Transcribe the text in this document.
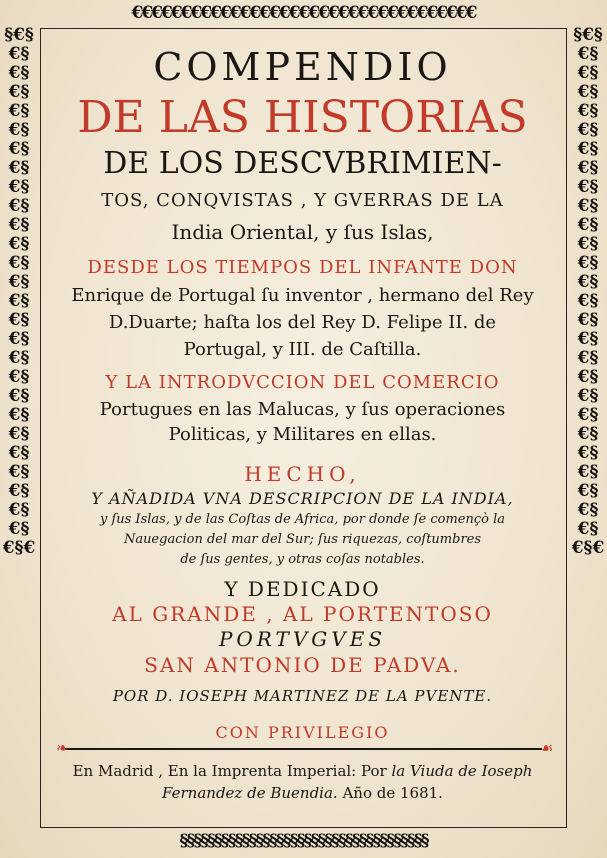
€€€€€€€€€€€€€€€€€€€€€€€€€€€€€€€€€€€
§§§§§§§§§§§§§§§§§§§§§§§§§§§§§§§§§§§§
§€§€§€§€§€§€§€§€§€§€§€§€§€§€§€§€§€§€§€§€§€§€§€§€§€§€§€§€§€
§€§€§€§€§€§€§€§€§€§€§€§€§€§€§€§€§€§€§€§€§€§€§€§€§€§€§€§€§€
COMPENDIO
DE LAS HISTORIAS
DE LOS DESCVBRIMIEN-
TOS, CONQVISTAS , Y GVERRAS DE LA
India Oriental, y ſus Islas,
DESDE LOS TIEMPOS DEL INFANTE DON
Enrique de Portugal ſu inventor , hermano del Rey
D.Duarte; haſta los del Rey D. Felipe II. de
Portugal, y III. de Caſtilla.
Y LA INTRODVCCION DEL COMERCIO
Portugues en las Malucas, y ſus operaciones
Politicas, y Militares en ellas.
HECHO,
Y AÑADIDA VNA DESCRIPCION DE LA INDIA,
y ſus Islas, y de las Coſtas de Africa, por donde ſe començò la
Nauegacion del mar del Sur; ſus riquezas, coſtumbres
de ſus gentes, y otras coſas notables.
Y DEDICADO
AL GRANDE , AL PORTENTOSO
PORTVGVES
SAN ANTONIO DE PADVA.
POR D. IOSEPH MARTINEZ DE LA PVENTE.
CON PRIVILEGIO
❧	☙
En Madrid , En la Imprenta Imperial: Por la Viuda de Ioseph
Fernandez de Buendia. Año de 1681.
